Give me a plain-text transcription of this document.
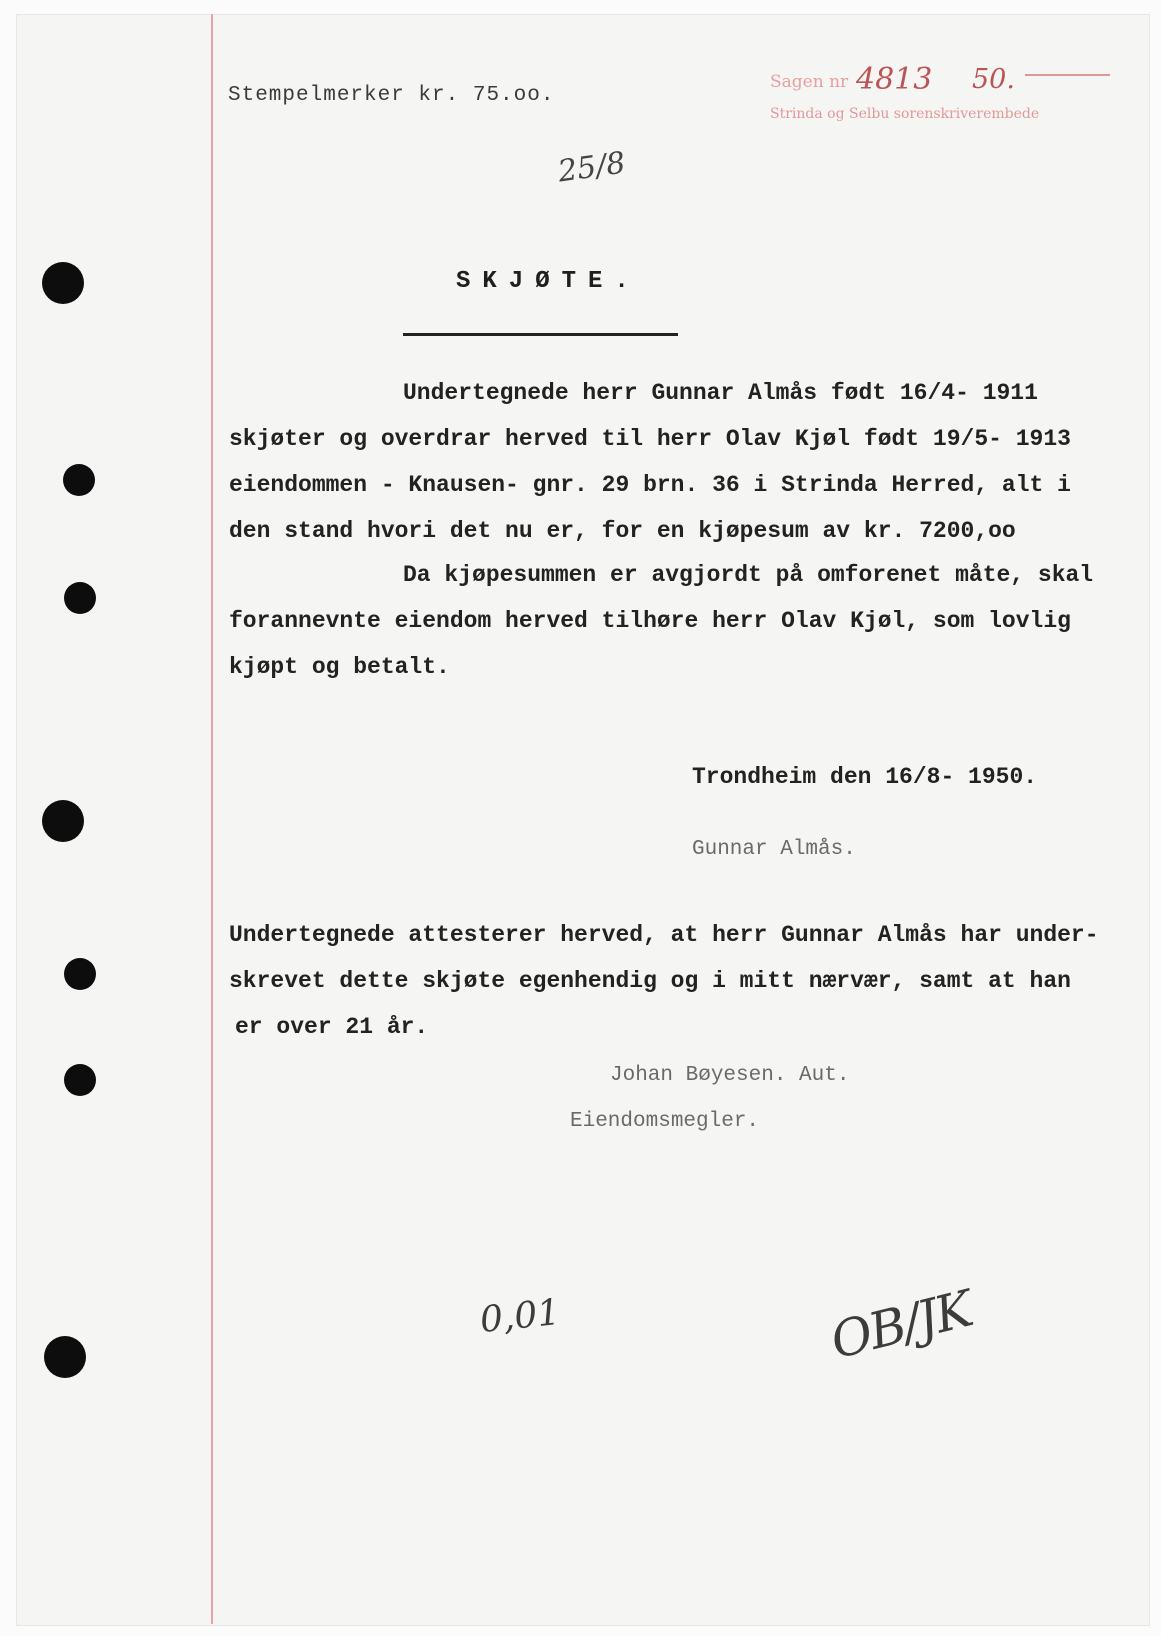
Stempelmerker kr. 75.oo.
Sagen nr 4813 50.
Strinda og Selbu sorenskriverembede
25/8
SKJØTE.
Undertegnede herr Gunnar Almås født 16/4- 1911
skjøter og overdrar herved til herr Olav Kjøl født 19/5- 1913
eiendommen - Knausen- gnr. 29 brn. 36 i Strinda Herred, alt i
den stand hvori det nu er, for en kjøpesum av kr. 7200,oo
Da kjøpesummen er avgjordt på omforenet måte, skal
forannevnte eiendom herved tilhøre herr Olav Kjøl, som lovlig
kjøpt og betalt.
Trondheim den 16/8- 1950.
Gunnar Almås.
Undertegnede attesterer herved, at herr Gunnar Almås har under-
skrevet dette skjøte egenhendig og i mitt nærvær, samt at han
er over 21 år.
Johan Bøyesen. Aut.
Eiendomsmegler.
0,01	OB/JK
